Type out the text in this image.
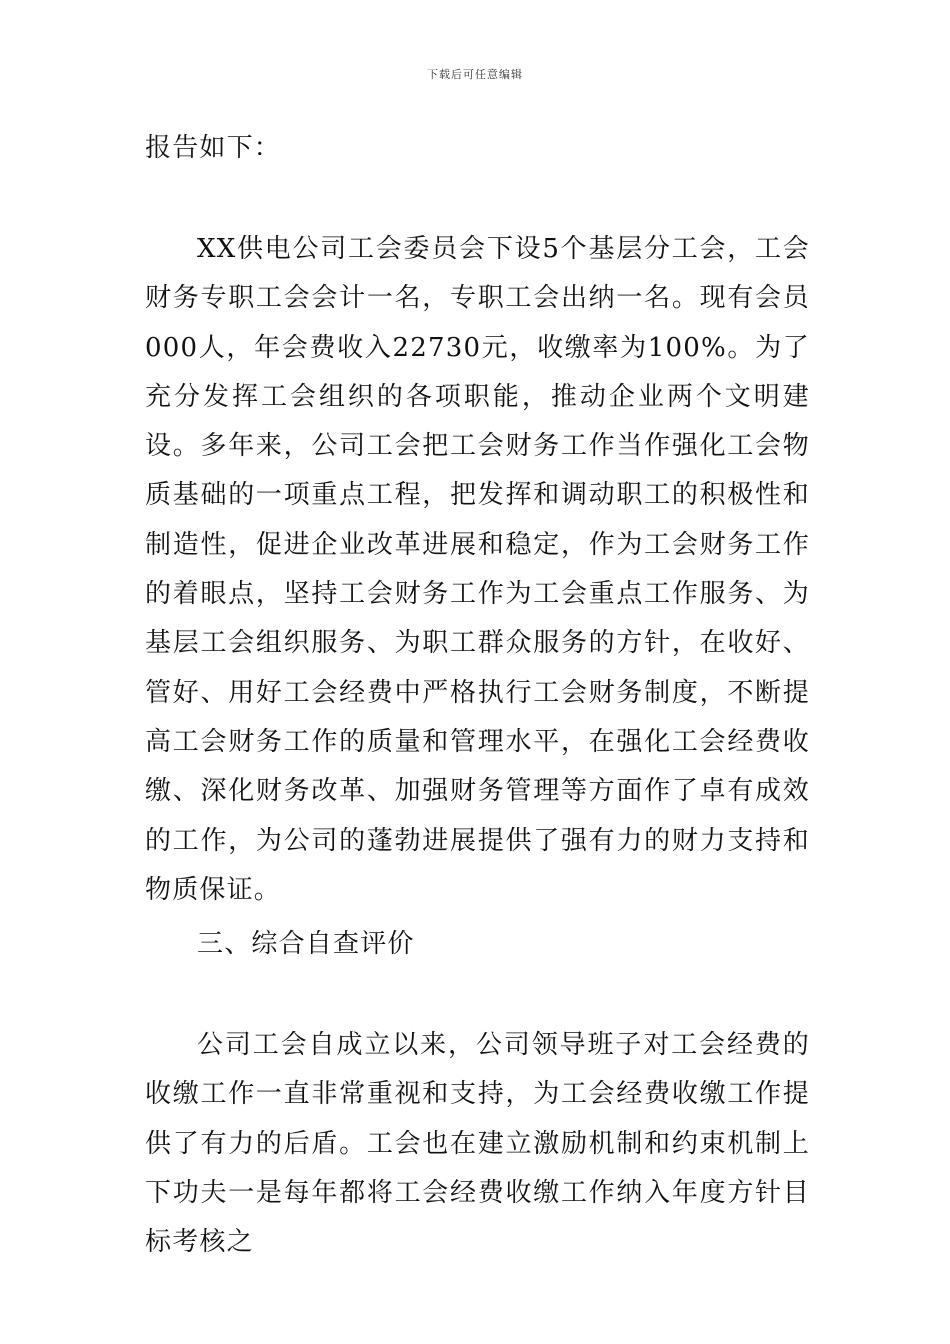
下载后可任意编辑

报告如下：

XX供电公司工会委员会下设5个基层分工会，工会财务专职工会会计一名，专职工会出纳一名。现有会员000人，年会费收入22730元，收缴率为100%。为了充分发挥工会组织的各项职能，推动企业两个文明建设。多年来，公司工会把工会财务工作当作强化工会物质基础的一项重点工程，把发挥和调动职工的积极性和制造性，促进企业改革进展和稳定，作为工会财务工作的着眼点，坚持工会财务工作为工会重点工作服务、为基层工会组织服务、为职工群众服务的方针，在收好、管好、用好工会经费中严格执行工会财务制度，不断提高工会财务工作的质量和管理水平，在强化工会经费收缴、深化财务改革、加强财务管理等方面作了卓有成效的工作，为公司的蓬勃进展提供了强有力的财力支持和物质保证。

三、综合自查评价

公司工会自成立以来，公司领导班子对工会经费的收缴工作一直非常重视和支持，为工会经费收缴工作提供了有力的后盾。工会也在建立激励机制和约束机制上下功夫一是每年都将工会经费收缴工作纳入年度方针目标考核之
